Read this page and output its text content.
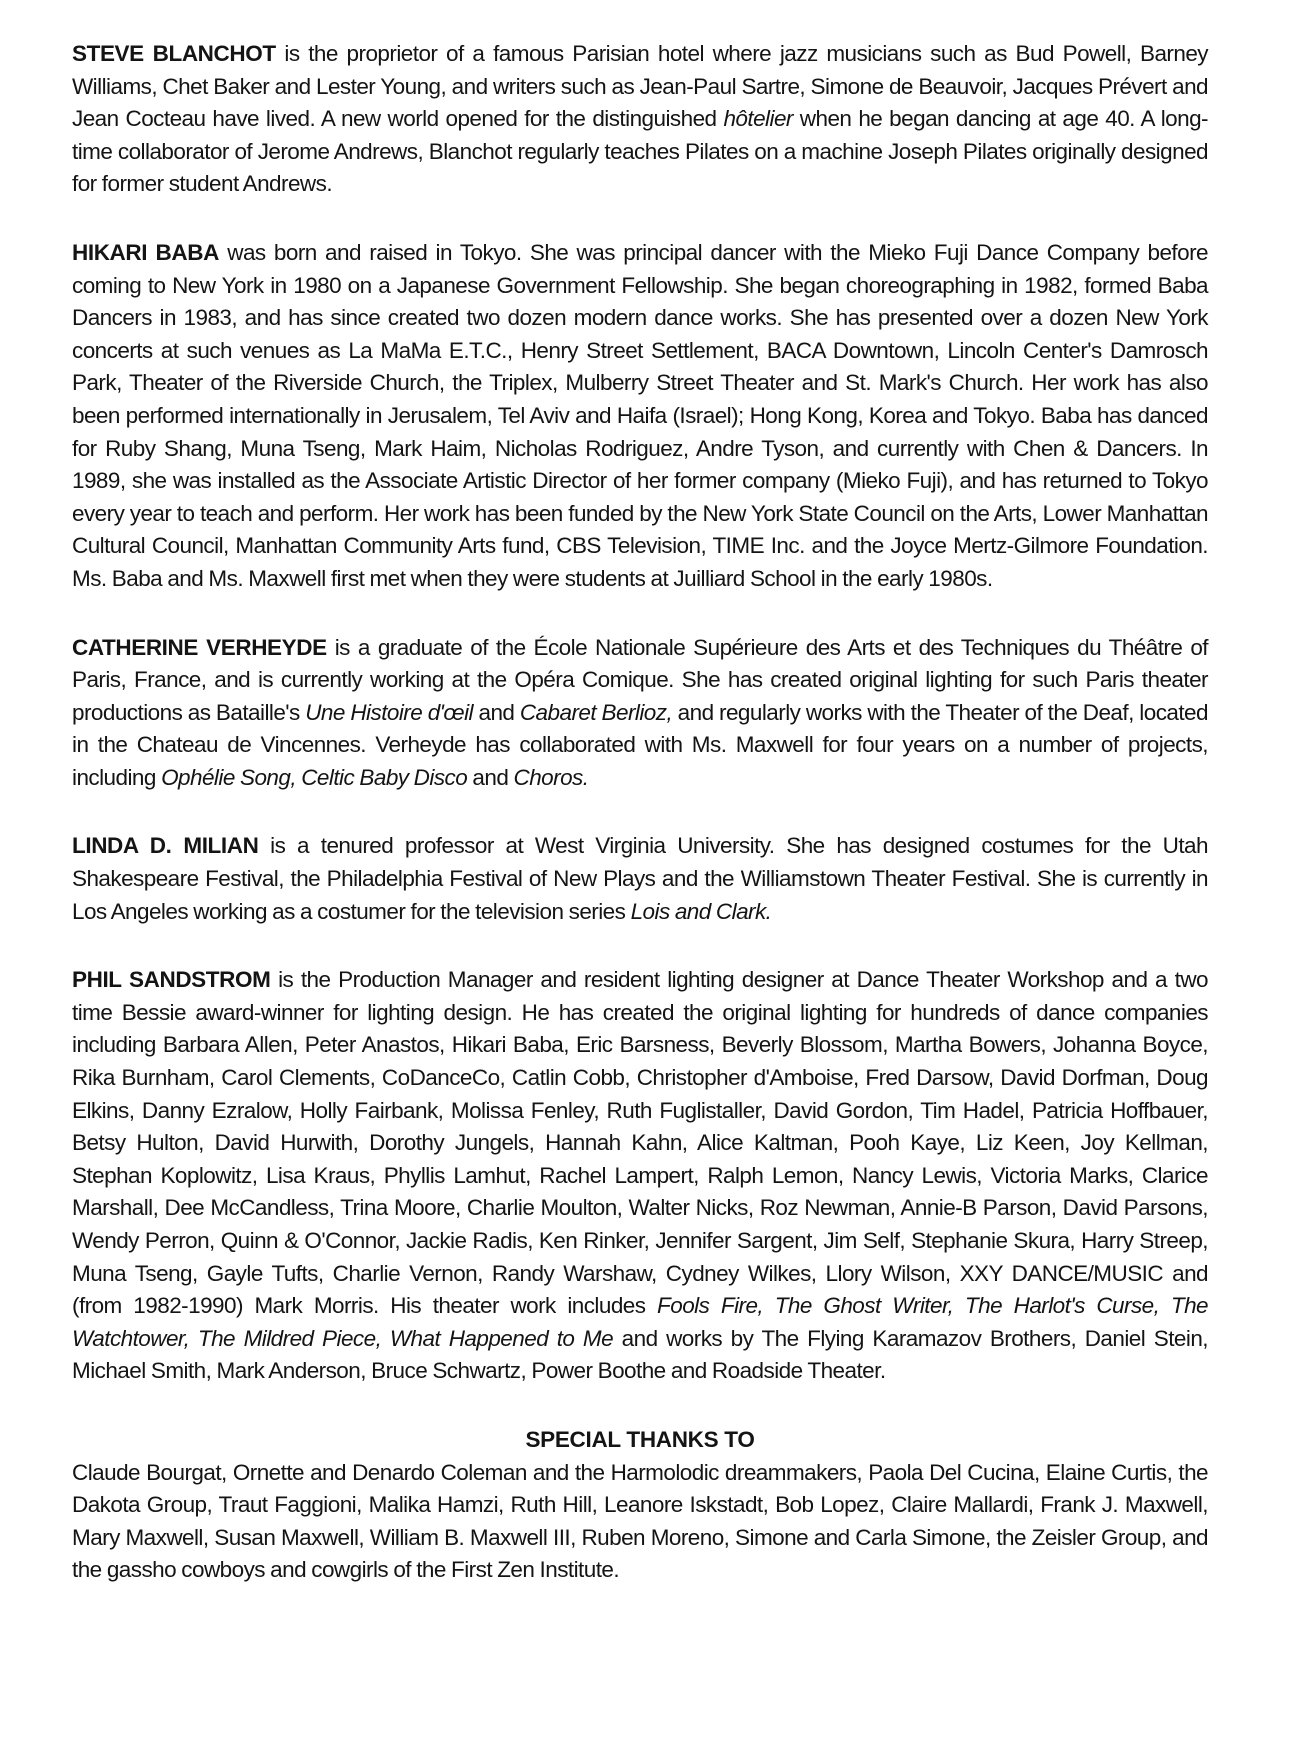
STEVE BLANCHOT is the proprietor of a famous Parisian hotel where jazz musicians such as Bud Powell, Barney Williams, Chet Baker and Lester Young, and writers such as Jean-Paul Sartre, Simone de Beauvoir, Jacques Prévert and Jean Cocteau have lived. A new world opened for the distinguished hôtelier when he began dancing at age 40. A long-time collaborator of Jerome Andrews, Blanchot regularly teaches Pilates on a machine Joseph Pilates originally designed for former student Andrews.

HIKARI BABA was born and raised in Tokyo. She was principal dancer with the Mieko Fuji Dance Company before coming to New York in 1980 on a Japanese Government Fellowship. She began choreographing in 1982, formed Baba Dancers in 1983, and has since created two dozen modern dance works. She has presented over a dozen New York concerts at such venues as La MaMa E.T.C., Henry Street Settlement, BACA Downtown, Lincoln Center's Damrosch Park, Theater of the Riverside Church, the Triplex, Mulberry Street Theater and St. Mark's Church. Her work has also been performed internationally in Jerusalem, Tel Aviv and Haifa (Israel); Hong Kong, Korea and Tokyo. Baba has danced for Ruby Shang, Muna Tseng, Mark Haim, Nicholas Rodriguez, Andre Tyson, and currently with Chen & Dancers. In 1989, she was installed as the Associate Artistic Director of her former company (Mieko Fuji), and has returned to Tokyo every year to teach and perform. Her work has been funded by the New York State Council on the Arts, Lower Manhattan Cultural Council, Manhattan Community Arts fund, CBS Television, TIME Inc. and the Joyce Mertz-Gilmore Foundation. Ms. Baba and Ms. Maxwell first met when they were students at Juilliard School in the early 1980s.

CATHERINE VERHEYDE is a graduate of the École Nationale Supérieure des Arts et des Techniques du Théâtre of Paris, France, and is currently working at the Opéra Comique. She has created original lighting for such Paris theater productions as Bataille's Une Histoire d'œil and Cabaret Berlioz, and regularly works with the Theater of the Deaf, located in the Chateau de Vincennes. Verheyde has collaborated with Ms. Maxwell for four years on a number of projects, including Ophélie Song, Celtic Baby Disco and Choros.

LINDA D. MILIAN is a tenured professor at West Virginia University. She has designed costumes for the Utah Shakespeare Festival, the Philadelphia Festival of New Plays and the Williamstown Theater Festival. She is currently in Los Angeles working as a costumer for the television series Lois and Clark.

PHIL SANDSTROM is the Production Manager and resident lighting designer at Dance Theater Workshop and a two time Bessie award-winner for lighting design. He has created the original lighting for hundreds of dance companies including Barbara Allen, Peter Anastos, Hikari Baba, Eric Barsness, Beverly Blossom, Martha Bowers, Johanna Boyce, Rika Burnham, Carol Clements, CoDanceCo, Catlin Cobb, Christopher d'Amboise, Fred Darsow, David Dorfman, Doug Elkins, Danny Ezralow, Holly Fairbank, Molissa Fenley, Ruth Fuglistaller, David Gordon, Tim Hadel, Patricia Hoffbauer, Betsy Hulton, David Hurwith, Dorothy Jungels, Hannah Kahn, Alice Kaltman, Pooh Kaye, Liz Keen, Joy Kellman, Stephan Koplowitz, Lisa Kraus, Phyllis Lamhut, Rachel Lampert, Ralph Lemon, Nancy Lewis, Victoria Marks, Clarice Marshall, Dee McCandless, Trina Moore, Charlie Moulton, Walter Nicks, Roz Newman, Annie-B Parson, David Parsons, Wendy Perron, Quinn & O'Connor, Jackie Radis, Ken Rinker, Jennifer Sargent, Jim Self, Stephanie Skura, Harry Streep, Muna Tseng, Gayle Tufts, Charlie Vernon, Randy Warshaw, Cydney Wilkes, Llory Wilson, XXY DANCE/MUSIC and (from 1982-1990) Mark Morris. His theater work includes Fools Fire, The Ghost Writer, The Harlot's Curse, The Watchtower, The Mildred Piece, What Happened to Me and works by The Flying Karamazov Brothers, Daniel Stein, Michael Smith, Mark Anderson, Bruce Schwartz, Power Boothe and Roadside Theater.

SPECIAL THANKS TO

Claude Bourgat, Ornette and Denardo Coleman and the Harmolodic dreammakers, Paola Del Cucina, Elaine Curtis, the Dakota Group, Traut Faggioni, Malika Hamzi, Ruth Hill, Leanore Iskstadt, Bob Lopez, Claire Mallardi, Frank J. Maxwell, Mary Maxwell, Susan Maxwell, William B. Maxwell III, Ruben Moreno, Simone and Carla Simone, the Zeisler Group, and the gassho cowboys and cowgirls of the First Zen Institute.
